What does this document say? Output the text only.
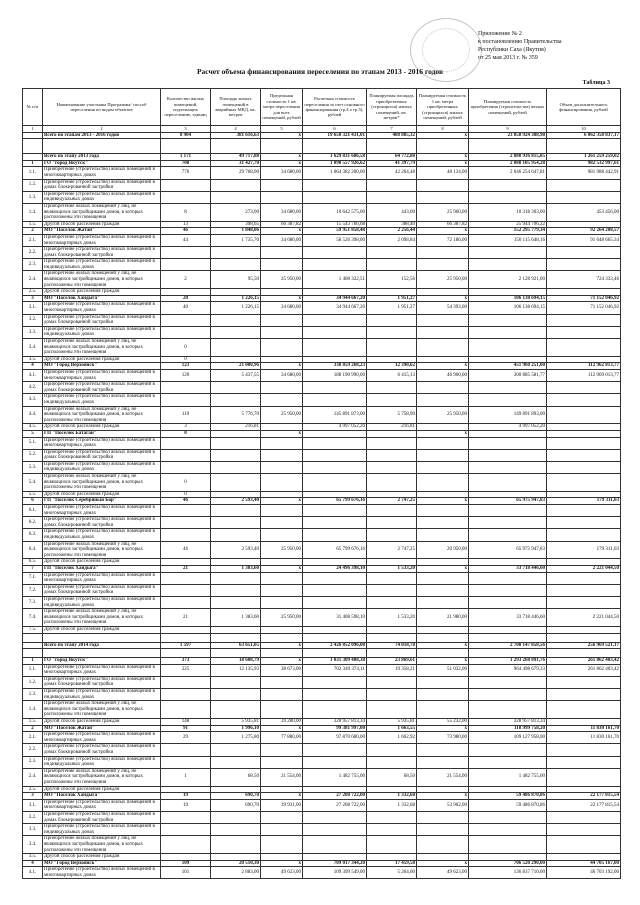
Приложение № 2
к постановлению Правительства
Республики Саха (Якутия)
от 25 мая 2013 г. № 359
Расчет объема финансирования переселения по этапам 2013 - 2016 годов
Таблица 3
№ п/п	Наименование участника Программы/ способ переселения по видам объектов	Количество жилых помещений, подлежащих переселению, единиц	Площадь жилых помещений в аварийных МКД, кв. метров	Предельная стоимость 1 кв. метра переселения для всех помещений, рублей	Расчетная стоимость переселения за счет основного финансирования (гр.4 x гр.5), рублей	Планируемая площадь приобретаемых (строящихся) жилых помещений, кв. метров*	Планируемая стоимость 1 кв. метра приобретенных (строящихся) жилых помещений, рублей	Планируемая стоимость приобретения (строительства) жилых помещений, рублей	Объем дополнительного финансирования, рублей
1	2	3	4	5	6	7	8	9	10
	Всего по этапам 2013 - 2016 годов	8 904	381 616,63	x	19 650 321 431,01	488 885,32	x	23 858 924 388,98	6 062 358 837,17

	Всего по этапу 2013 года	1 171	49 717,88	x	1 629 831 686,58	64 772,88	x	2 888 936 815,85	1 261 259 259,02
1	ГО "город Якутск"	708	31 427,70	x	1 090 557 926,62	41 397,79	x	2 088 105 954,28	982 532 997,61
1.1.	Приобретение (строительство) жилых помещений в многоквартирных домах	776	29 768,00	34 680,00	1 064 382 200,00	42 204,48	48 134,00	2 046 254 647,81	981 988 442,91
1.2.	Приобретение (строительство) жилых помещений в домах блокированной застройки								
1.3.	Приобретение (строительство) жилых помещений в индивидуальных домах								
1.4.	Приобретение жилых помещений у лиц, не являющихся застройщиками домов, в которых расположены эти помещения	8	273,00	34 680,00	10 642 575,00	443,00	25 960,00	10 318 303,00	453 456,00
1.5.	Другой способ расселения граждан	13	398,65	66 387,82	15 543 766,68	388,40	66 387,82	25 944 796,22	
2	МО "Поселок Жатай"	46	1 848,06	x	59 951 858,48	2 256,44	x	152 295 779,34	92 264 208,57
2.1.	Приобретение (строительство) жилых помещений в многоквартирных домах	44	1 735,70	34 680,00	58 526 398,00	2 098,84	72 186,00	150 115 648,16	91 648 665,34
2.2.	Приобретение (строительство) жилых помещений в домах блокированной застройки								
2.3.	Приобретение (строительство) жилых помещений в индивидуальных домах								
2.4.	Приобретение жилых помещений у лиц, не являющихся застройщиками домов, в которых расположены эти помещения	2	95,50	25 950,00	1 408 322,51	152,56	25 950,00	2 128 921,00	724 333,46
2.5.	Другой способ расселения граждан								
3	МО "Поселок Хандыга"	20	1 226,15	x	34 944 667,20	1 951,27	x	106 138 694,15	71 152 046,92
3.1.	Приобретение (строительство) жилых помещений в многоквартирных домах	40	1 226,15	34 680,00	34 944 667,20	1 951,27	54 393,00	106 138 694,15	71 152 046,92
3.2.	Приобретение (строительство) жилых помещений в домах блокированной застройки								
3.3.	Приобретение (строительство) жилых помещений в индивидуальных домах								
3.4.	Приобретение жилых помещений у лиц, не являющихся застройщиками домов, в которых расположены эти помещения	0							
3.5.	Другой способ расселения граждан	0							
4	МО "Город Верхоянск"	123	21 000,96	x	338 859 268,23	12 390,62	x	451 960 251,00	112 962 813,77
4.1.	Приобретение (строительство) жилых помещений в многоквартирных домах	120	5 437,55	34 680,00	188 190 990,00	6 415,13	46 900,00	300 885 581,77	112 969 013,77
4.2.	Приобретение (строительство) жилых помещений в домах блокированной застройки								
4.3.	Приобретение (строительство) жилых помещений в индивидуальных домах								
4.4.	Приобретение жилых помещений у лиц, не являющихся застройщиками домов, в которых расположены эти помещения	110	5 776,70	25 950,00	145 891 873,00	5 758,90	25 950,00	149 891 893,00	
4.5.	Другой способ расселения граждан	3	216,81		4 997 052,20	216,81		4 997 052,20	
5	ГП "Поселок Батагай"	0		x			x		
5.1.	Приобретение (строительство) жилых помещений в многоквартирных домах								
5.2.	Приобретение (строительство) жилых помещений в домах блокированной застройки								
5.3.	Приобретение (строительство) жилых помещений в индивидуальных домах								
5.4.	Приобретение жилых помещений у лиц, не являющихся застройщиками домов, в которых расположены эти помещения	0							
5.5.	Другой способ расселения граждан	0							
6	ГП "Поселок Серебряный Бор"	46	2 593,40	x	65 799 676,16	2 747,25	x	65 975 947,83	179 311,03
6.1.	Приобретение (строительство) жилых помещений в многоквартирных домах								
6.2.	Приобретение (строительство) жилых помещений в домах блокированной застройки								
6.3.	Приобретение (строительство) жилых помещений в индивидуальных домах								
6.4.	Приобретение жилых помещений у лиц, не являющихся застройщиками домов, в которых расположены эти помещения	46	2 593,40	25 950,00	65 799 676,16	2 747,25	20 950,00	65 975 947,83	179 311,03
6.5.	Другой способ расселения граждан								
7	ГП "Поселок Хандыга"	21	1 383,60	x	24 496 398,10	1 533,20	x	33 718 446,60	2 221 044,50
7.1.	Приобретение (строительство) жилых помещений в многоквартирных домах								
7.2.	Приобретение (строительство) жилых помещений в домах блокированной застройки								
7.3.	Приобретение (строительство) жилых помещений в индивидуальных домах								
7.4.	Приобретение жилых помещений у лиц, не являющихся застройщиками домов, в которых расположены эти помещения	21	1 383,60	25 950,00	31 408 598,10	1 533,20	21 980,00	33 718 446,60	2 221 044,50
7.5.	Другой способ расселения граждан								

	Всего по этапу 2014 года	1 597	63 651,05	x	2 426 852 096,08	74 018,78	x	2 708 147 858,56	256 969 521,17

1	ГО "город Якутск"	373	18 608,79	x	1 031 309 488,38	23 869,61	x	1 293 268 891,76	261 862 403,42
1.1.	Приобретение (строительство) жилых помещений в многоквартирных домах	225	12 135,93	38 673,00	702 349 374,11	19 358,21	51 032,00	964 498 679,33	261 862 403,42
1.2.	Приобретение (строительство) жилых помещений в домах блокированной застройки								
1.3.	Приобретение (строительство) жилых помещений в индивидуальных домах								
1.4.	Приобретение жилых помещений у лиц, не являющихся застройщиками домов, в которых расположены эти помещения								
1.5.	Другой способ расселения граждан	148	5 935,81	39 280,00	328 957 813,34	5 935,81	55 232,00	328 957 813,34	
2	МО "Поселок Жатай"	91	1 996,10	x	99 381 997,00	1 663,55	x	118 999 758,20	11 830 161,70
2.1.	Приобретение (строительство) жилых помещений в многоквартирных домах	29	1 275,80	77 880,00	97 870 680,00	1 662,92	73 980,00	109 127 958,00	11 830 161,70
2.2.	Приобретение (строительство) жилых помещений в домах блокированной застройки								
2.3.	Приобретение (строительство) жилых помещений в индивидуальных домах								
2.4.	Приобретение жилых помещений у лиц, не являющихся застройщиками домов, в которых расположены эти помещения	1	68,50	21 554,00	1 482 755,00	68,50	21 554,00	1 482 755,00	
2.5.	Другой способ расселения граждан								
3	МО "Поселок Хандыга"	19	690,70	x	27 208 722,00	1 332,68	x	59 486 870,86	22 177 815,54
3.1.	Приобретение (строительство) жилых помещений в многоквартирных домах	19	690,70	39 931,00	27 208 722,00	1 332,68	53 902,00	59 486 870,86	22 177 815,54
3.2.	Приобретение (строительство) жилых помещений в домах блокированной застройки								
3.3.	Приобретение (строительство) жилых помещений в индивидуальных домах								
3.4.	Приобретение жилых помещений у лиц, не являющихся застройщиками домов, в которых расположены эти помещения								
3.5.	Другой способ расселения граждан								
4	МО "Город Верхоянск"	109	20 510,30	x	709 017 344,20	17 459,58	x	706 520 290,00	44 705 167,00
4.1.	Приобретение (строительство) жилых помещений в многоквартирных домах	101	2 883,00	49 623,00	109 399 549,00	5 264,00	49 623,00	136 837 710,00	46 703 192,00
